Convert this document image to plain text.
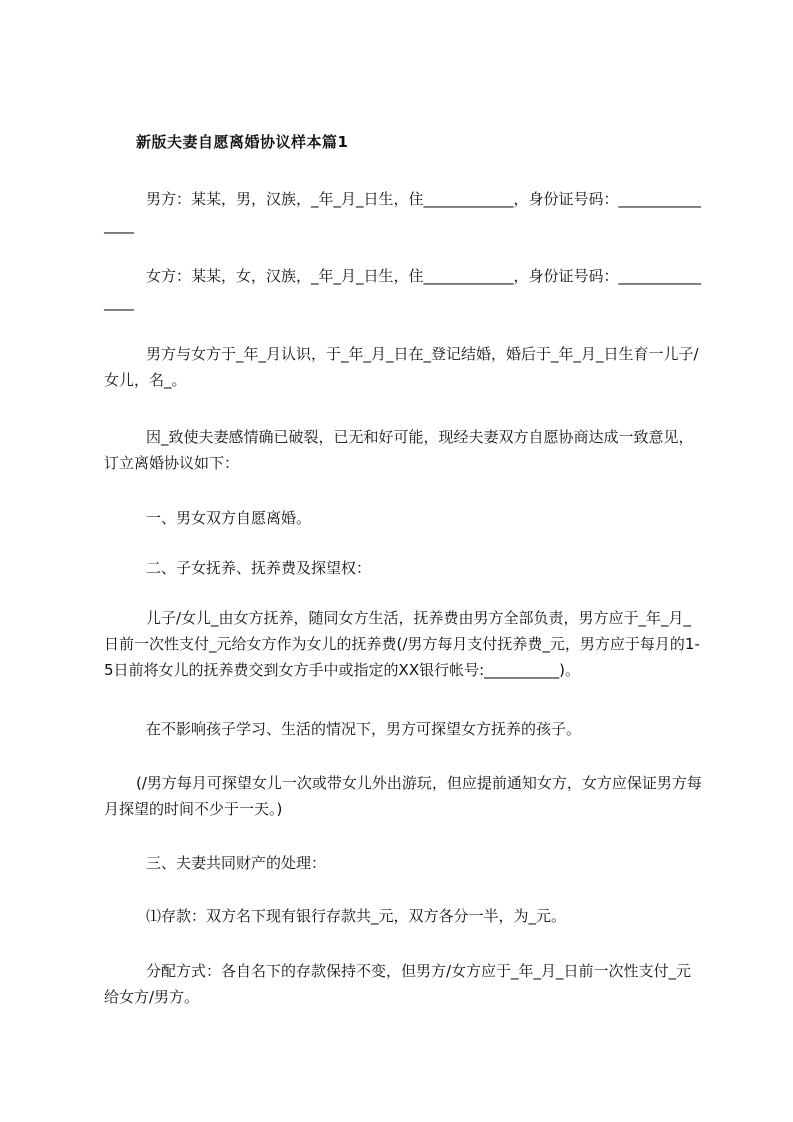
新版夫妻自愿离婚协议样本篇1

男方：某某，男，汉族，_年_月_日生，住____________，身份证号码：_______________

女方：某某，女，汉族，_年_月_日生，住____________，身份证号码：_______________

男方与女方于_年_月认识，于_年_月_日在_登记结婚，婚后于_年_月_日生育一儿子/女儿，名_。

因_致使夫妻感情确已破裂，已无和好可能，现经夫妻双方自愿协商达成一致意见，订立离婚协议如下：

一、男女双方自愿离婚。

二、子女抚养、抚养费及探望权：

儿子/女儿_由女方抚养，随同女方生活，抚养费由男方全部负责，男方应于_年_月_日前一次性支付_元给女方作为女儿的抚养费(/男方每月支付抚养费_元，男方应于每月的1-5日前将女儿的抚养费交到女方手中或指定的XX银行帐号:__________)。

在不影响孩子学习、生活的情况下，男方可探望女方抚养的孩子。

(/男方每月可探望女儿一次或带女儿外出游玩，但应提前通知女方，女方应保证男方每月探望的时间不少于一天。)

三、夫妻共同财产的处理：

⑴存款：双方名下现有银行存款共_元，双方各分一半，为_元。

分配方式：各自名下的存款保持不变，但男方/女方应于_年_月_日前一次性支付_元给女方/男方。
